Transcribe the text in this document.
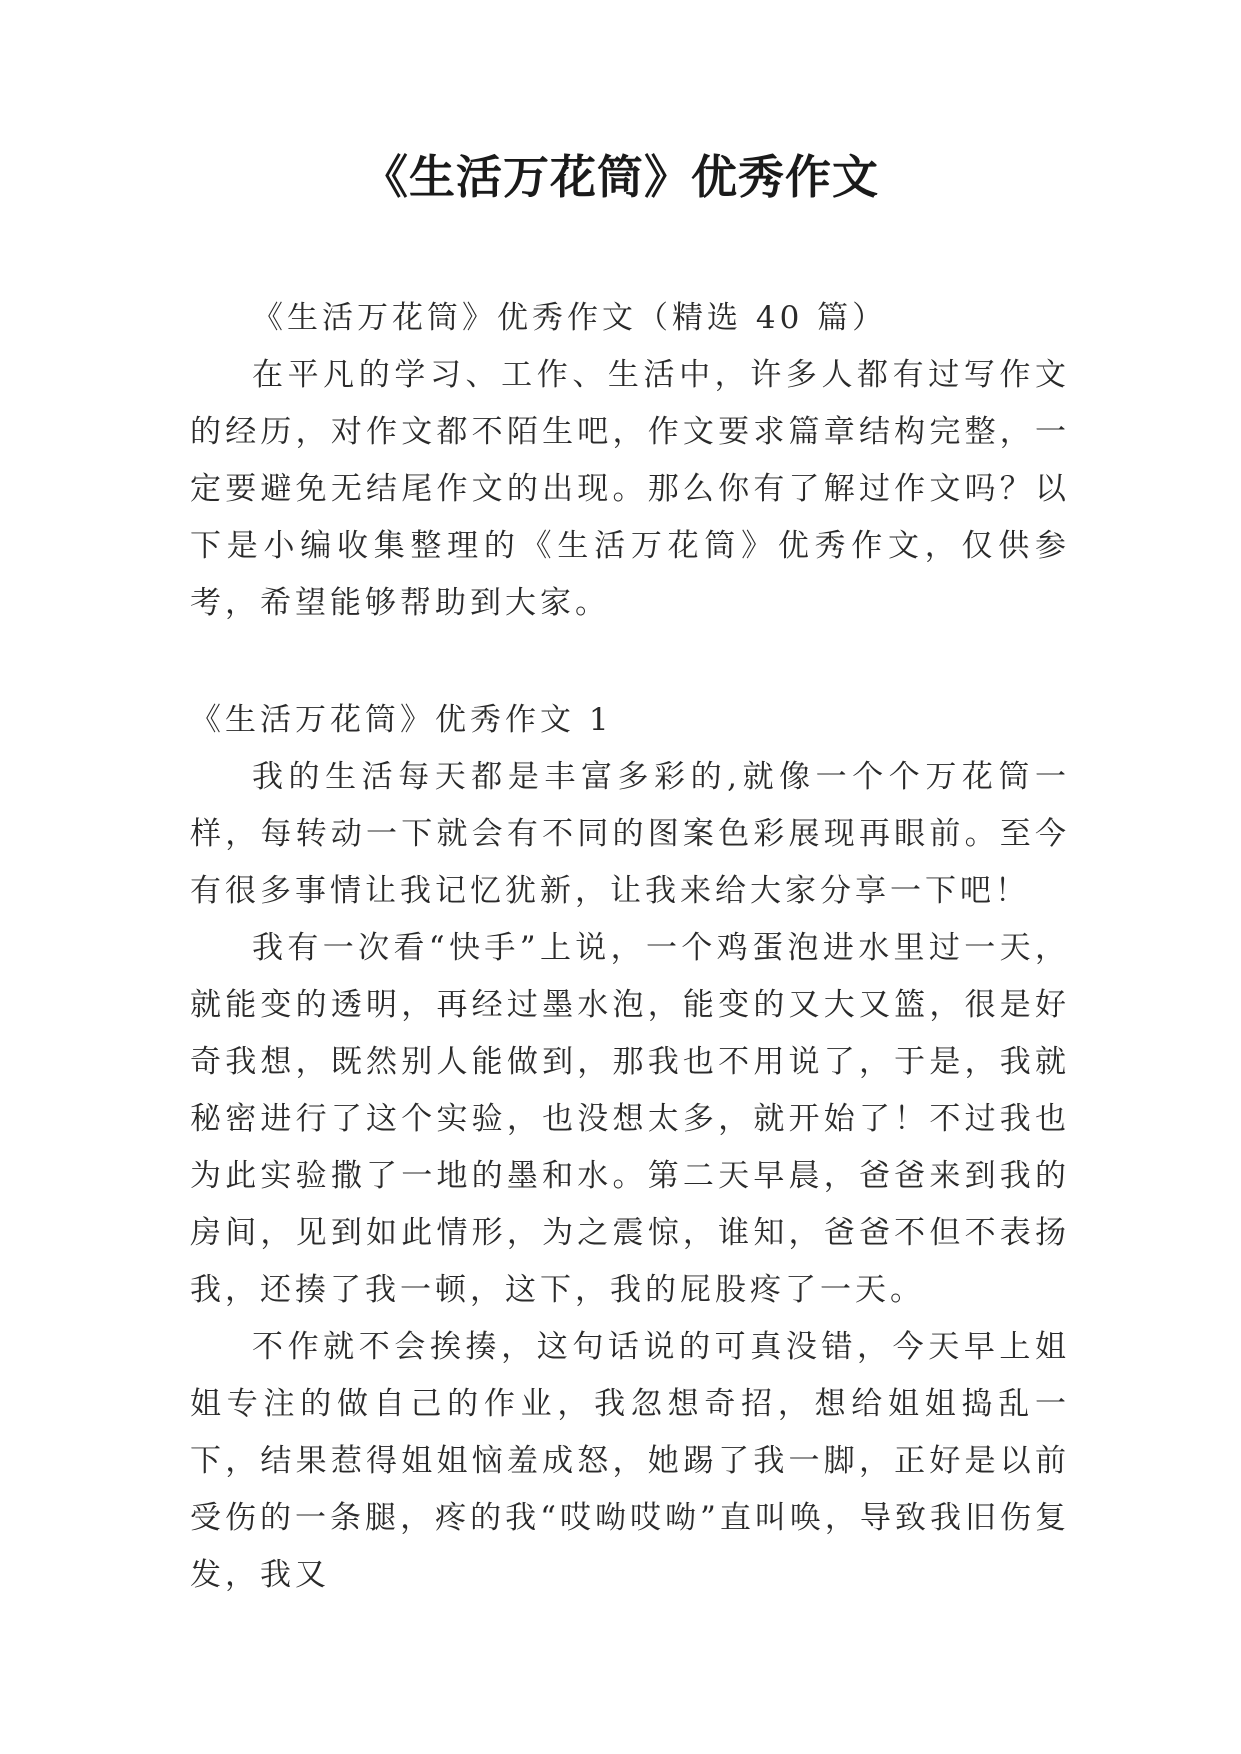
《生活万花筒》优秀作文

《生活万花筒》优秀作文（精选 40 篇）

在平凡的学习、工作、生活中，许多人都有过写作文的经历，对作文都不陌生吧，作文要求篇章结构完整，一定要避免无结尾作文的出现。那么你有了解过作文吗？以下是小编收集整理的《生活万花筒》优秀作文，仅供参考，希望能够帮助到大家。

《生活万花筒》优秀作文 1

我的生活每天都是丰富多彩的,就像一个个万花筒一样，每转动一下就会有不同的图案色彩展现再眼前。至今有很多事情让我记忆犹新，让我来给大家分享一下吧！

我有一次看“快手”上说，一个鸡蛋泡进水里过一天，就能变的透明，再经过墨水泡，能变的又大又篮，很是好奇我想，既然别人能做到，那我也不用说了，于是，我就秘密进行了这个实验，也没想太多，就开始了！不过我也为此实验撒了一地的墨和水。第二天早晨，爸爸来到我的房间，见到如此情形，为之震惊，谁知，爸爸不但不表扬我，还揍了我一顿，这下，我的屁股疼了一天。

不作就不会挨揍，这句话说的可真没错，今天早上姐姐专注的做自己的作业，我忽想奇招，想给姐姐捣乱一下，结果惹得姐姐恼羞成怒，她踢了我一脚，正好是以前受伤的一条腿，疼的我“哎呦哎呦”直叫唤，导致我旧伤复发，我又
